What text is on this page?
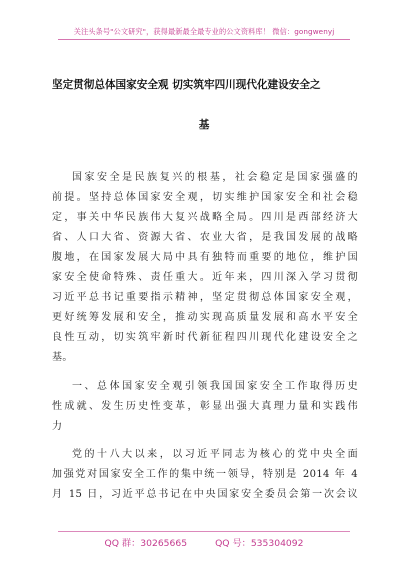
关注头条号"公文研究"，获得最新最全最专业的公文资料库！ 微信：gongwenyj
坚定贯彻总体国家安全观 切实筑牢四川现代化建设安全之
基
国家安全是民族复兴的根基，社会稳定是国家强盛的
前提。坚持总体国家安全观，切实维护国家安全和社会稳
定，事关中华民族伟大复兴战略全局。四川是西部经济大
省、人口大省、资源大省、农业大省，是我国发展的战略
腹地，在国家发展大局中具有独特而重要的地位，维护国
家安全使命特殊、责任重大。近年来，四川深入学习贯彻
习近平总书记重要指示精神，坚定贯彻总体国家安全观，
更好统筹发展和安全，推动实现高质量发展和高水平安全
良性互动，切实筑牢新时代新征程四川现代化建设安全之
基。
一、总体国家安全观引领我国国家安全工作取得历史
性成就、发生历史性变革，彰显出强大真理力量和实践伟
力
党的十八大以来，以习近平同志为核心的党中央全面
加强党对国家安全工作的集中统一领导，特别是 2014 年 4
月 15 日，习近平总书记在中央国家安全委员会第一次会议
QQ 群：30265665	QQ 号：535304092
